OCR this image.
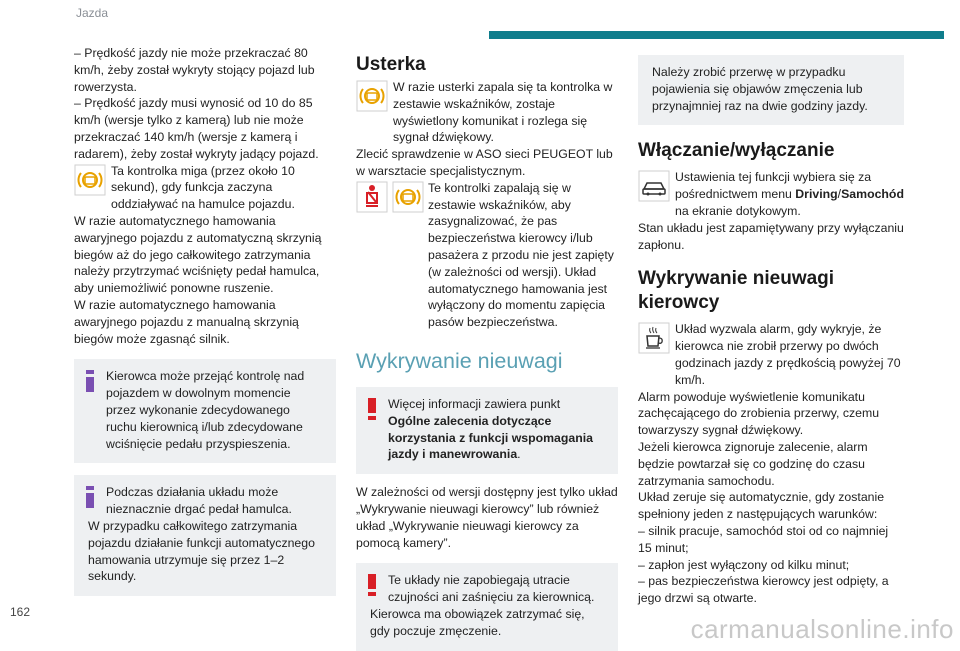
Jazda

– Prędkość jazdy nie może przekraczać 80 km/h, żeby został wykryty stojący pojazd lub rowerzysta.

– Prędkość jazdy musi wynosić od 10 do 85 km/h (wersje tylko z kamerą) lub nie może przekraczać 140 km/h (wersje z kamerą i radarem), żeby został wykryty jadący pojazd.

Ta kontrolka miga (przez około 10 sekund), gdy funkcja zaczyna oddziaływać na hamulce pojazdu.

W razie automatycznego hamowania awaryjnego pojazdu z automatyczną skrzynią biegów aż do jego całkowitego zatrzymania należy przytrzymać wciśnięty pedał hamulca, aby uniemożliwić ponowne ruszenie.

W razie automatycznego hamowania awaryjnego pojazdu z manualną skrzynią biegów może zgasnąć silnik.

Kierowca może przejąć kontrolę nad pojazdem w dowolnym momencie przez wykonanie zdecydowanego ruchu kierownicą i/lub zdecydowane wciśnięcie pedału przyspieszenia.

Podczas działania układu może nieznacznie drgać pedał hamulca.

W przypadku całkowitego zatrzymania pojazdu działanie funkcji automatycznego hamowania utrzymuje się przez 1–2 sekundy.

Usterka

W razie usterki zapala się ta kontrolka w zestawie wskaźników, zostaje wyświetlony komunikat i rozlega się sygnał dźwiękowy.

Zlecić sprawdzenie w ASO sieci PEUGEOT lub w warsztacie specjalistycznym.

Te kontrolki zapalają się w zestawie wskaźników, aby zasygnalizować, że pas bezpieczeństwa kierowcy i/lub pasażera z przodu nie jest zapięty (w zależności od wersji). Układ automatycznego hamowania jest wyłączony do momentu zapięcia pasów bezpieczeństwa.

Wykrywanie nieuwagi

Więcej informacji zawiera punkt Ogólne zalecenia dotyczące korzystania z funkcji wspomagania jazdy i manewrowania.

W zależności od wersji dostępny jest tylko układ „Wykrywanie nieuwagi kierowcy” lub również układ „Wykrywanie nieuwagi kierowcy za pomocą kamery”.

Te układy nie zapobiegają utracie czujności ani zaśnięciu za kierownicą.

Kierowca ma obowiązek zatrzymać się, gdy poczuje zmęczenie.

Należy zrobić przerwę w przypadku pojawienia się objawów zmęczenia lub przynajmniej raz na dwie godziny jazdy.

Włączanie/wyłączanie

Ustawienia tej funkcji wybiera się za pośrednictwem menu Driving/Samochód na ekranie dotykowym.

Stan układu jest zapamiętywany przy wyłączaniu zapłonu.

Wykrywanie nieuwagi kierowcy

Układ wyzwala alarm, gdy wykryje, że kierowca nie zrobił przerwy po dwóch godzinach jazdy z prędkością powyżej 70 km/h.

Alarm powoduje wyświetlenie komunikatu zachęcającego do zrobienia przerwy, czemu towarzyszy sygnał dźwiękowy.

Jeżeli kierowca zignoruje zalecenie, alarm będzie powtarzał się co godzinę do czasu zatrzymania samochodu.

Układ zeruje się automatycznie, gdy zostanie spełniony jeden z następujących warunków:

– silnik pracuje, samochód stoi od co najmniej 15 minut;

– zapłon jest wyłączony od kilku minut;

– pas bezpieczeństwa kierowcy jest odpięty, a jego drzwi są otwarte.

162
carmanualsonline.info
